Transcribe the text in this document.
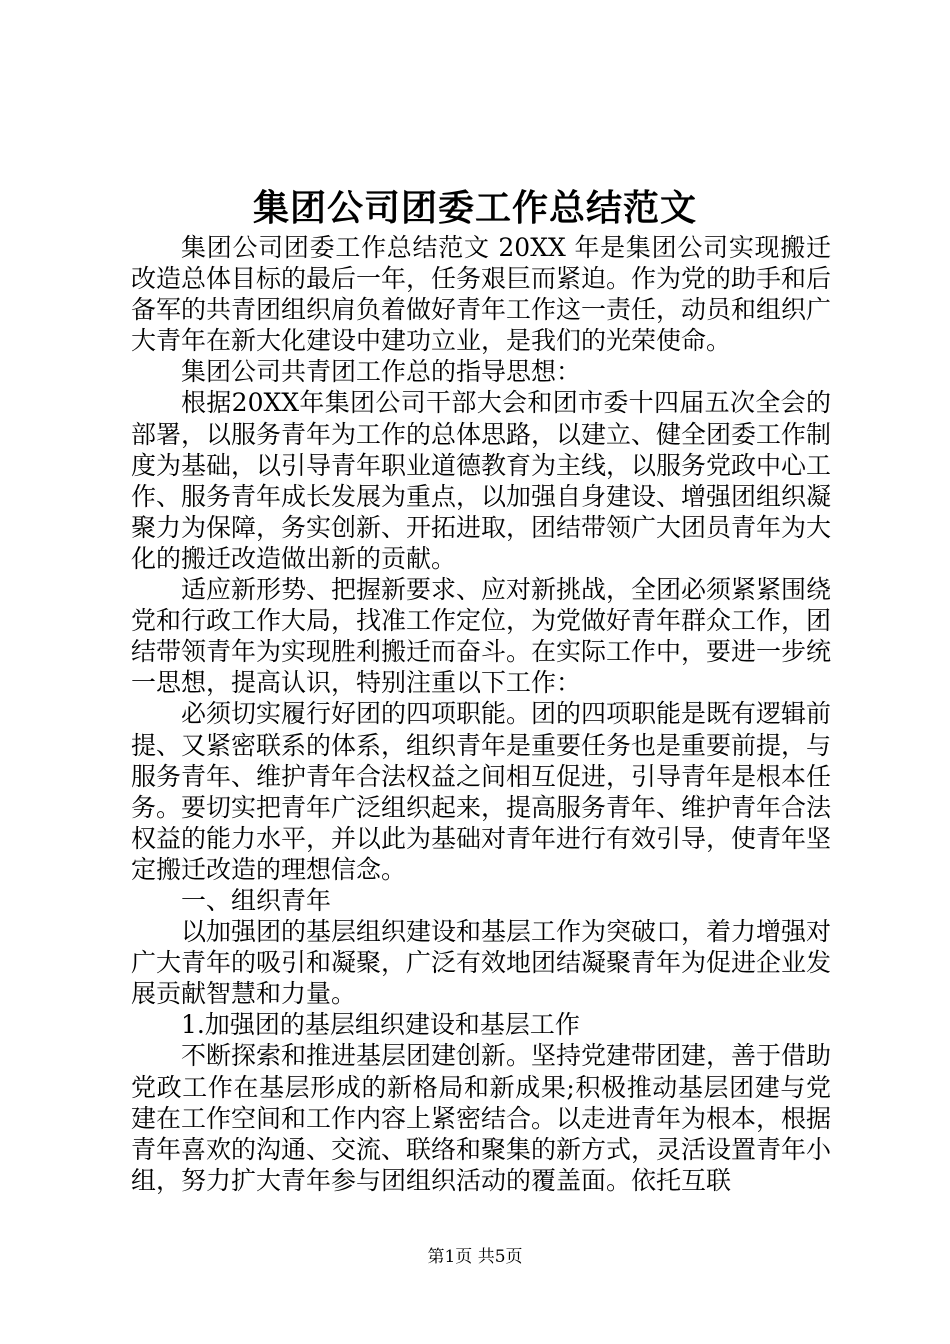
集团公司团委工作总结范文

集团公司团委工作总结范文 20XX 年是集团公司实现搬迁改造总体目标的最后一年，任务艰巨而紧迫。作为党的助手和后备军的共青团组织肩负着做好青年工作这一责任，动员和组织广大青年在新大化建设中建功立业，是我们的光荣使命。

集团公司共青团工作总的指导思想：

根据20XX年集团公司干部大会和团市委十四届五次全会的部署，以服务青年为工作的总体思路，以建立、健全团委工作制度为基础，以引导青年职业道德教育为主线，以服务党政中心工作、服务青年成长发展为重点，以加强自身建设、增强团组织凝聚力为保障，务实创新、开拓进取，团结带领广大团员青年为大化的搬迁改造做出新的贡献。

适应新形势、把握新要求、应对新挑战，全团必须紧紧围绕党和行政工作大局，找准工作定位，为党做好青年群众工作，团结带领青年为实现胜利搬迁而奋斗。在实际工作中，要进一步统一思想，提高认识，特别注重以下工作：

必须切实履行好团的四项职能。团的四项职能是既有逻辑前提、又紧密联系的体系，组织青年是重要任务也是重要前提，与服务青年、维护青年合法权益之间相互促进，引导青年是根本任务。要切实把青年广泛组织起来，提高服务青年、维护青年合法权益的能力水平，并以此为基础对青年进行有效引导，使青年坚定搬迁改造的理想信念。

一、组织青年

以加强团的基层组织建设和基层工作为突破口，着力增强对广大青年的吸引和凝聚，广泛有效地团结凝聚青年为促进企业发展贡献智慧和力量。

1.加强团的基层组织建设和基层工作

不断探索和推进基层团建创新。坚持党建带团建，善于借助党政工作在基层形成的新格局和新成果;积极推动基层团建与党建在工作空间和工作内容上紧密结合。以走进青年为根本，根据青年喜欢的沟通、交流、联络和聚集的新方式，灵活设置青年小组，努力扩大青年参与团组织活动的覆盖面。依托互联

第1页 共5页
